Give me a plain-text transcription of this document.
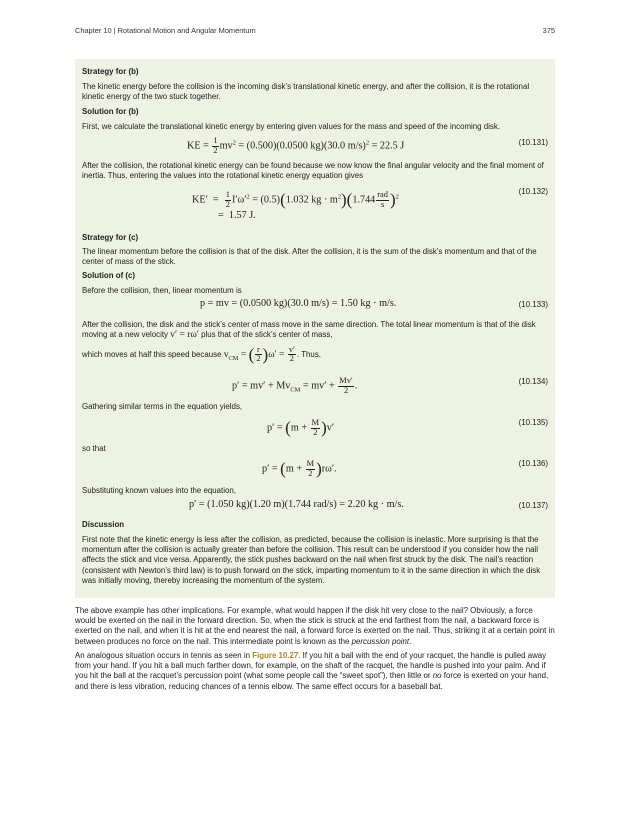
Chapter 10 | Rotational Motion and Angular Momentum	375
Strategy for (b)
The kinetic energy before the collision is the incoming disk’s translational kinetic energy, and after the collision, it is the rotational kinetic energy of the two stuck together.
Solution for (b)
First, we calculate the translational kinetic energy by entering given values for the mass and speed of the incoming disk.
KE = $\frac{1}{2} mv^2 = (0.500)(0.0500$ kg)(30.0 m/s)$^2$ = 22.5 J	(10.131)
After the collision, the rotational kinetic energy can be found because we now know the final angular velocity and the final moment of inertia. Thus, entering the values into the rotational kinetic energy equation gives
$KE' = \frac{1}{2} I'\omega'^2 = (0.5)(1.032$ kg · $m^2)(1.744 \frac{\text{rad}}{s} )^2$
=  1.57 J.
(10.132)
Strategy for (c)
The linear momentum before the collision is that of the disk. After the collision, it is the sum of the disk’s momentum and that of the center of mass of the stick.
Solution of (c)
Before the collision, then, linear momentum is
p = mv = (0.0500 kg)(30.0 m/s) = 1.50 kg · m/s.	(10.133)
After the collision, the disk and the stick’s center of mass move in the same direction. The total linear momentum is that of the disk moving at a new velocity v′ = rω′ plus that of the stick’s center of mass,
which moves at half this speed because $v_{CM}$ = ( $\frac{r}{2} )\omega' = \frac{v'}{2}$ . Thus,
$p' = mv' + Mv_{CM} = mv' + \frac{Mv'}{2}$ .	(10.134)
Gathering similar terms in the equation yields,
$p' = (m + \frac{M}{2} )v'$	(10.135)
so that
$p' = (m + \frac{M}{2} )r\omega'$.	(10.136)
Substituting known values into the equation,
p′ = (1.050 kg)(1.20 m)(1.744 rad/s) = 2.20 kg · m/s.	(10.137)
Discussion
First note that the kinetic energy is less after the collision, as predicted, because the collision is inelastic. More surprising is that the momentum after the collision is actually greater than before the collision. This result can be understood if you consider how the nail affects the stick and vice versa. Apparently, the stick pushes backward on the nail when first struck by the disk. The nail’s reaction (consistent with Newton’s third law) is to push forward on the stick, imparting momentum to it in the same direction in which the disk was initially moving, thereby increasing the momentum of the system.
The above example has other implications. For example, what would happen if the disk hit very close to the nail? Obviously, a force would be exerted on the nail in the forward direction. So, when the stick is struck at the end farthest from the nail, a backward force is exerted on the nail, and when it is hit at the end nearest the nail, a forward force is exerted on the nail. Thus, striking it at a certain point in between produces no force on the nail. This intermediate point is known as the percussion point.
An analogous situation occurs in tennis as seen in Figure 10.27. If you hit a ball with the end of your racquet, the handle is pulled away from your hand. If you hit a ball much farther down, for example, on the shaft of the racquet, the handle is pushed into your palm. And if you hit the ball at the racquet’s percussion point (what some people call the “sweet spot”), then little or no force is exerted on your hand, and there is less vibration, reducing chances of a tennis elbow. The same effect occurs for a baseball bat.
